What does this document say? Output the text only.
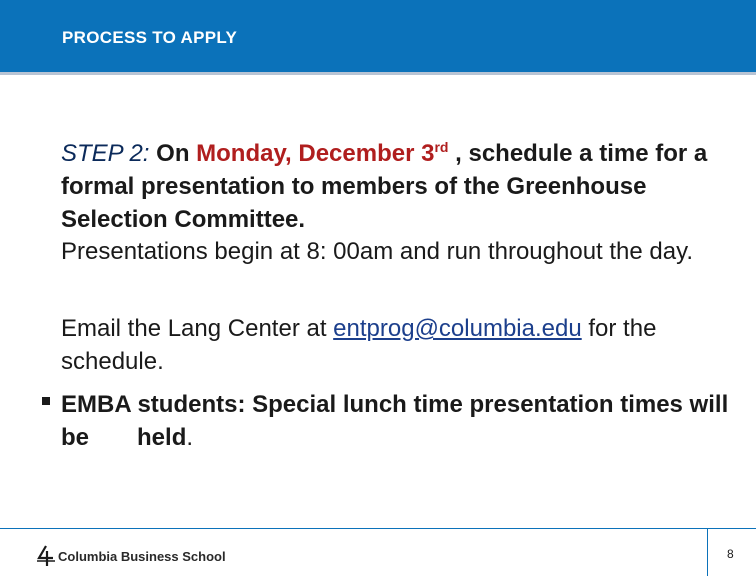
PROCESS TO APPLY
STEP 2: On Monday, December 3rd , schedule a time for a formal presentation to members of the Greenhouse Selection Committee.
Presentations begin at 8: 00am and run throughout the day.
Email the Lang Center at entprog@columbia.edu for the schedule.
EMBA students: Special lunch time presentation times will be held.
Columbia Business School	8
